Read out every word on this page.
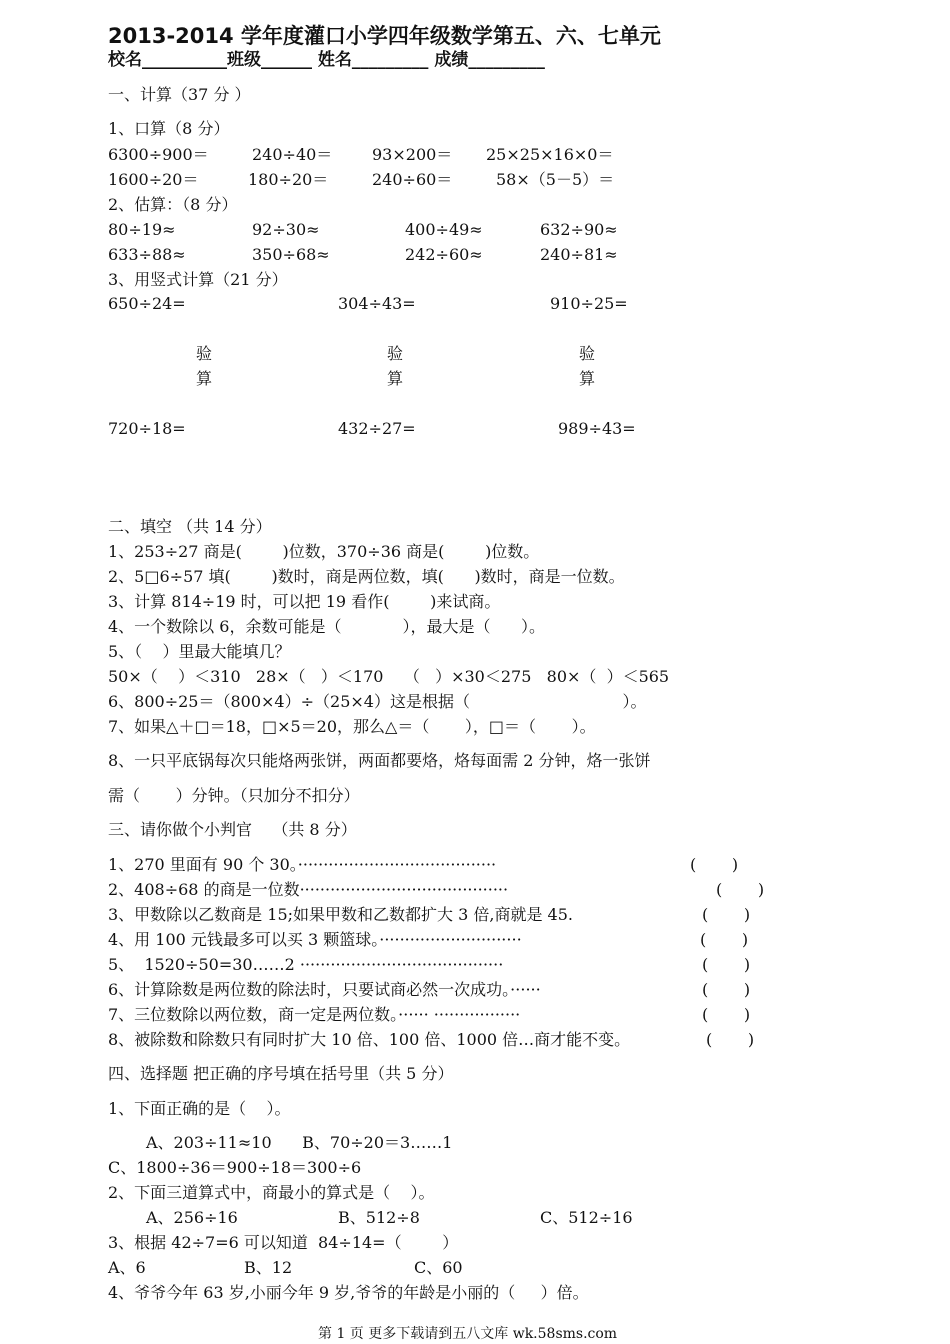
2013-2014 学年度灌口小学四年级数学第五、六、七单元
校名__________班级______ 姓名_________ 成绩_________
一、计算（37 分 ）
1、口算（8 分）
6300÷900＝	240÷40＝ 93×200＝ 25×25×16×0＝
1600÷20＝	180÷20＝	240÷60＝	58×（5－5）＝
2、估算：（8 分）
80÷19≈	92÷30≈	400÷49≈	632÷90≈
633÷88≈	350÷68≈	242÷60≈	240÷81≈
3、用竖式计算（21 分）
650÷24=	304÷43=	910÷25=
验
算
验
算
验
算
720÷18=	432÷27=	989÷43=
二、填空 （共 14 分）
1、253÷27 商是(        )位数，370÷36 商是(        )位数。
2、5□6÷57 填(        )数时，商是两位数，填(      )数时，商是一位数。
3、计算 814÷19 时，可以把 19 看作(        )来试商。
4、一个数除以 6，余数可能是（            ），最大是（      ）。
5、（    ）里最大能填几？
50×（    ）＜310   28×（   ）＜170    （   ）×30＜275   80×（  ）＜565
6、800÷25＝（800×4）÷（25×4）这是根据（                              ）。
7、如果△＋□＝18，□×5＝20，那么△＝（       ），□＝（       ）。
8、一只平底锅每次只能烙两张饼，两面都要烙，烙每面需 2 分钟，烙一张饼
需（       ）分钟。（只加分不扣分）
三、请你做个小判官    （共 8 分）
1、270 里面有 90 个 30。·······································	(       )
2、408÷68 的商是一位数·········································	(       )
3、甲数除以乙数商是 15;如果甲数和乙数都扩大 3 倍,商就是 45.	(       )
4、用 100 元钱最多可以买 3 颗篮球。····························	(       )
5、  1520÷50=30……2 ········································	(       )
6、计算除数是两位数的除法时，只要试商必然一次成功。······	(       )
7、三位数除以两位数，商一定是两位数。······ ·················	(       )
8、被除数和除数只有同时扩大 10 倍、100 倍、1000 倍…商才能不变。	(       )
四、选择题 把正确的序号填在括号里（共 5 分）
1、下面正确的是（    ）。
A、203÷11≈10      B、70÷20＝3……1
C、1800÷36＝900÷18＝300÷6
2、下面三道算式中，商最小的算式是（    ）。
A、256÷16	B、512÷8	C、512÷16
3、根据 42÷7=6 可以知道  84÷14=（        ）
A、6	B、12	C、60
4、爷爷今年 63 岁,小丽今年 9 岁,爷爷的年龄是小丽的（     ）倍。
第 1 页 更多下载请到五八文库 wk.58sms.com
